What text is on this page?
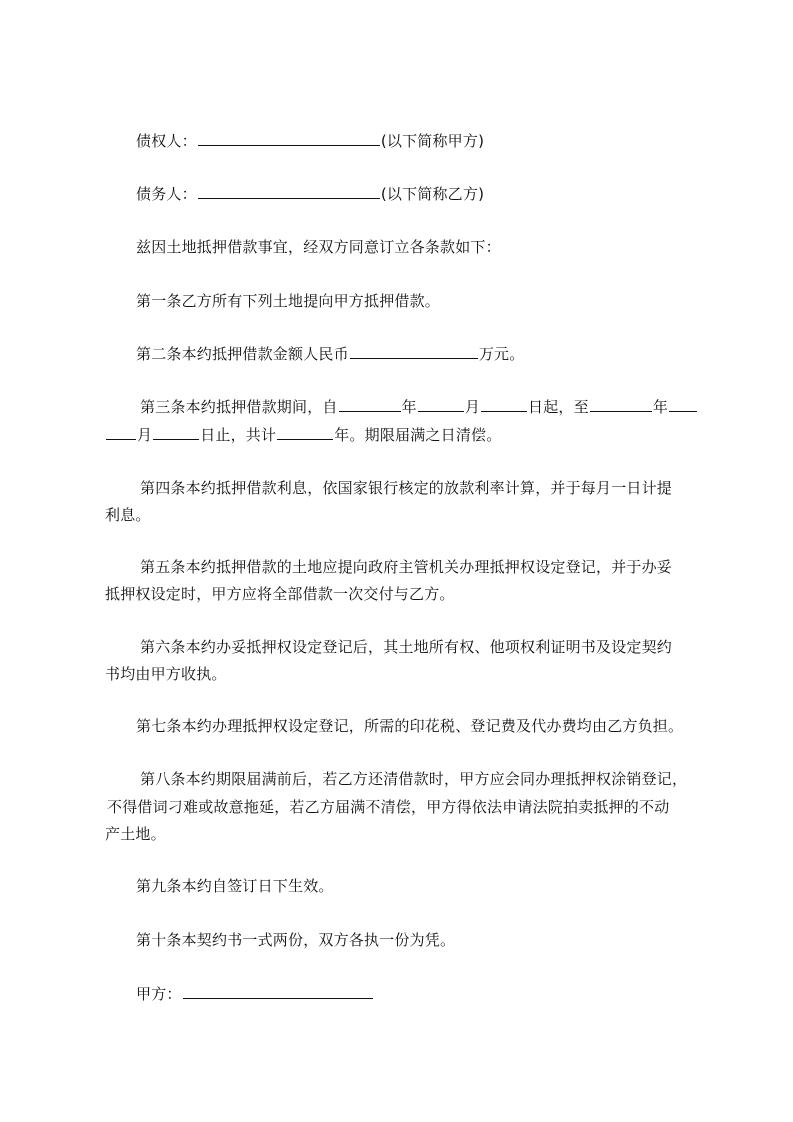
债权人：	(以下简称甲方)
债务人：	(以下简称乙方)
兹因土地抵押借款事宜，经双方同意订立各条款如下：
第一条乙方所有下列土地提向甲方抵押借款。
第二条本约抵押借款金额人民币	万元。
第三条本约抵押借款期间，自	年	月	日起，至	年
月	日止，共计	年。期限届满之日清偿。
第四条本约抵押借款利息，依国家银行核定的放款利率计算，并于每月一日计提
利息。
第五条本约抵押借款的土地应提向政府主管机关办理抵押权设定登记，并于办妥
抵押权设定时，甲方应将全部借款一次交付与乙方。
第六条本约办妥抵押权设定登记后，其土地所有权、他项权利证明书及设定契约
书均由甲方收执。
第七条本约办理抵押权设定登记，所需的印花税、登记费及代办费均由乙方负担。
第八条本约期限届满前后，若乙方还清借款时，甲方应会同办理抵押权涂销登记，
不得借词刁难或故意拖延，若乙方届满不清偿，甲方得依法申请法院拍卖抵押的不动
产土地。
第九条本约自签订日下生效。
第十条本契约书一式两份，双方各执一份为凭。
甲方：
